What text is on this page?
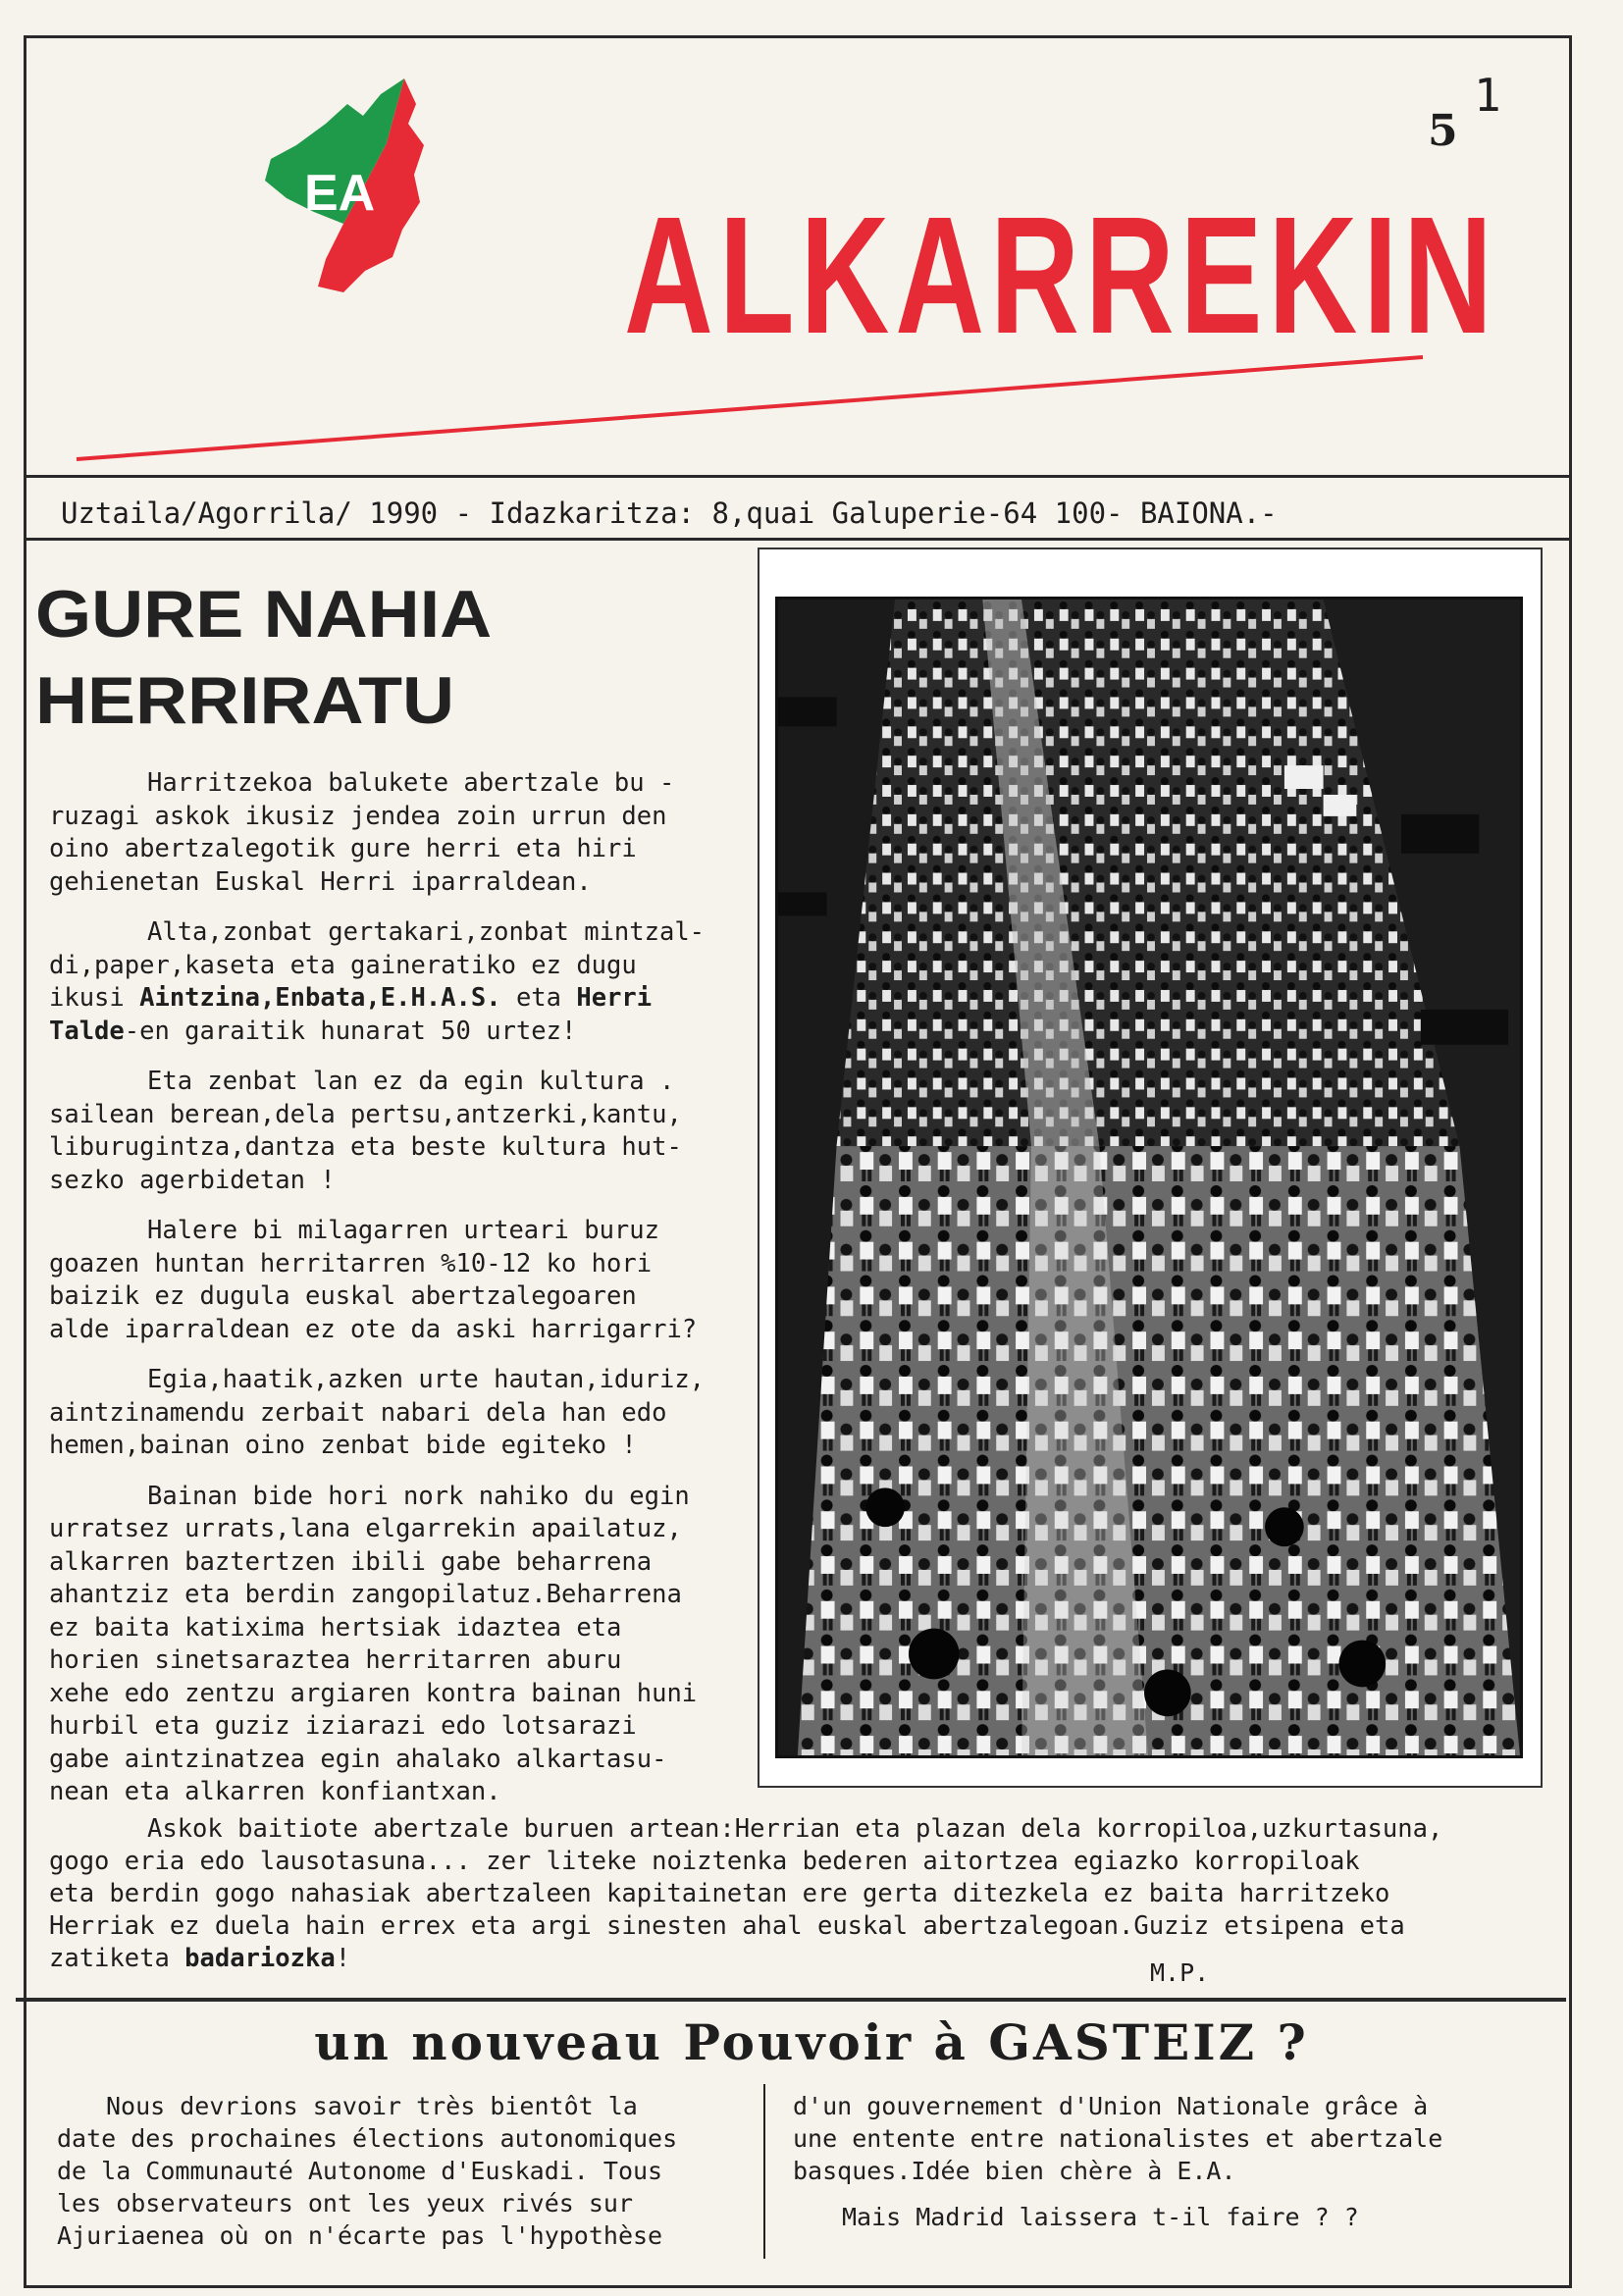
EA
1
5
ALKARREKIN
Uztaila/Agorrila/ 1990 - Idazkaritza: 8,quai Galuperie-64 100- BAIONA.-
GURE NAHIA
HERRIRATU

Harritzekoa balukete abertzale bu -
ruzagi askok ikusiz jendea zoin urrun den
oino abertzalegotik gure herri eta hiri
gehienetan Euskal Herri iparraldean.

Alta,zonbat gertakari,zonbat mintzal-
di,paper,kaseta eta gaineratiko ez dugu
ikusi Aintzina,Enbata,E.H.A.S. eta Herri
Talde-en garaitik hunarat 50 urtez!

Eta zenbat lan ez da egin kultura .
sailean berean,dela pertsu,antzerki,kantu,
liburugintza,dantza eta beste kultura hut-
sezko agerbidetan !

Halere bi milagarren urteari buruz
goazen huntan herritarren %10-12 ko hori
baizik ez dugula euskal abertzalegoaren
alde iparraldean ez ote da aski harrigarri?

Egia,haatik,azken urte hautan,iduriz,
aintzinamendu zerbait nabari dela han edo
hemen,bainan oino zenbat bide egiteko !

Bainan bide hori nork nahiko du egin
urratsez urrats,lana elgarrekin apailatuz,
alkarren baztertzen ibili gabe beharrena
ahantziz eta berdin zangopilatuz.Beharrena
ez baita katixima hertsiak idaztea eta
horien sinetsaraztea herritarren aburu
xehe edo zentzu argiaren kontra bainan huni
hurbil eta guziz iziarazi edo lotsarazi
gabe aintzinatzea egin ahalako alkartasu-
nean eta alkarren konfiantxan.

Askok baitiote abertzale buruen artean:Herrian eta plazan dela korropiloa,uzkurtasuna,
gogo eria edo lausotasuna... zer liteke noiztenka bederen aitortzea egiazko korropiloak
eta berdin gogo nahasiak abertzaleen kapitainetan ere gerta ditezkela ez baita harritzeko
Herriak ez duela hain errex eta argi sinesten ahal euskal abertzalegoan.Guziz etsipena eta
zatiketa badariozka!	M.P.
un nouveau Pouvoir à GASTEIZ ?

Nous devrions savoir très bientôt la
date des prochaines élections autonomiques
de la Communauté Autonome d'Euskadi. Tous
les observateurs ont les yeux rivés sur
Ajuriaenea où on n'écarte pas l'hypothèse

d'un gouvernement d'Union Nationale grâce à
une entente entre nationalistes et abertzale
basques.Idée bien chère à E.A.

Mais Madrid laissera t-il faire ? ?
